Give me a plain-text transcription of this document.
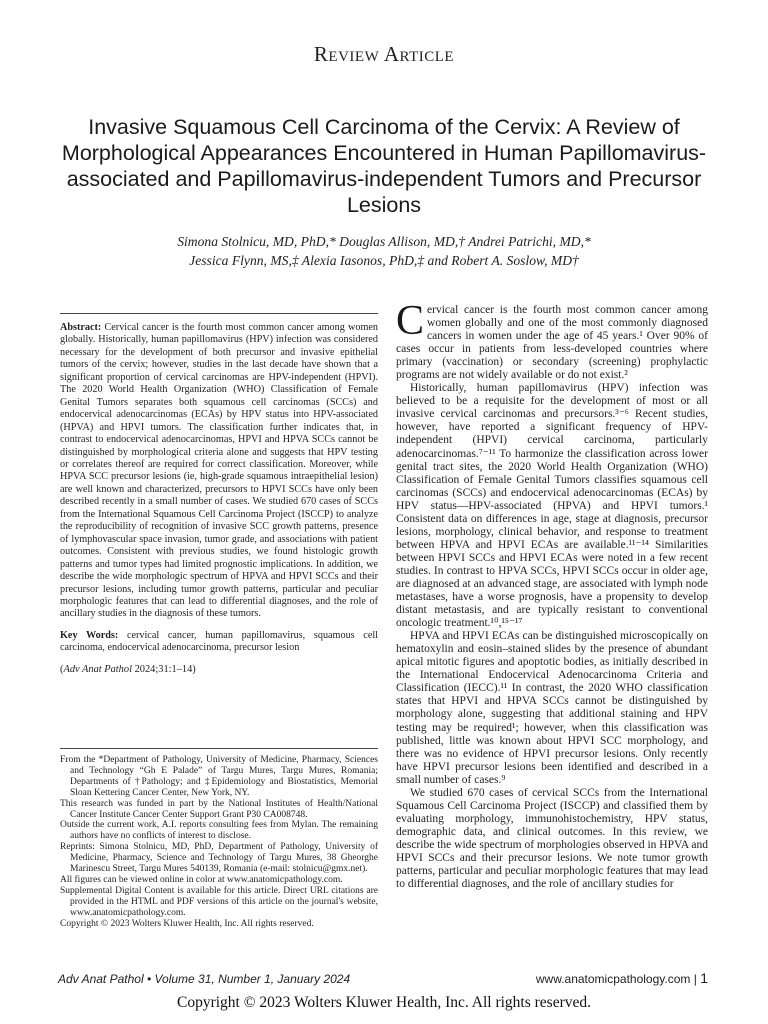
Review Article
Invasive Squamous Cell Carcinoma of the Cervix: A Review of Morphological Appearances Encountered in Human Papillomavirus-associated and Papillomavirus-independent Tumors and Precursor Lesions
Simona Stolnicu, MD, PhD,* Douglas Allison, MD,† Andrei Patrichi, MD,*
Jessica Flynn, MS,‡ Alexia Iasonos, PhD,‡ and Robert A. Soslow, MD†

Abstract: Cervical cancer is the fourth most common cancer among women globally. Historically, human papillomavirus (HPV) infection was considered necessary for the development of both precursor and invasive epithelial tumors of the cervix; however, studies in the last decade have shown that a significant proportion of cervical carcinomas are HPV-independent (HPVI). The 2020 World Health Organization (WHO) Classification of Female Genital Tumors separates both squamous cell carcinomas (SCCs) and endocervical adenocarcinomas (ECAs) by HPV status into HPV-associated (HPVA) and HPVI tumors. The classification further indicates that, in contrast to endocervical adenocarcinomas, HPVI and HPVA SCCs cannot be distinguished by morphological criteria alone and suggests that HPV testing or correlates thereof are required for correct classification. Moreover, while HPVA SCC precursor lesions (ie, high-grade squamous intraepithelial lesion) are well known and characterized, precursors to HPVI SCCs have only been described recently in a small number of cases. We studied 670 cases of SCCs from the International Squamous Cell Carcinoma Project (ISCCP) to analyze the reproducibility of recognition of invasive SCC growth patterns, presence of lymphovascular space invasion, tumor grade, and associations with patient outcomes. Consistent with previous studies, we found histologic growth patterns and tumor types had limited prognostic implications. In addition, we describe the wide morphologic spectrum of HPVA and HPVI SCCs and their precursor lesions, including tumor growth patterns, particular and peculiar morphologic features that can lead to differential diagnoses, and the role of ancillary studies in the diagnosis of these tumors.

Key Words: cervical cancer, human papillomavirus, squamous cell carcinoma, endocervical adenocarcinoma, precursor lesion

(Adv Anat Pathol 2024;31:1–14)

From the *Department of Pathology, University of Medicine, Pharmacy, Sciences and Technology “Gh E Palade” of Targu Mures, Targu Mures, Romania; Departments of †Pathology; and ‡Epidemiology and Biostatistics, Memorial Sloan Kettering Cancer Center, New York, NY.

This research was funded in part by the National Institutes of Health/National Cancer Institute Cancer Center Support Grant P30 CA008748.

Outside the current work, A.I. reports consulting fees from Mylan. The remaining authors have no conflicts of interest to disclose.

Reprints: Simona Stolnicu, MD, PhD, Department of Pathology, University of Medicine, Pharmacy, Science and Technology of Targu Mures, 38 Gheorghe Marinescu Street, Targu Mures 540139, Romania (e-mail: stolnicu@gmx.net).

All figures can be viewed online in color at www.anatomicpathology.com.

Supplemental Digital Content is available for this article. Direct URL citations are provided in the HTML and PDF versions of this article on the journal's website, www.anatomicpathology.com.

Copyright © 2023 Wolters Kluwer Health, Inc. All rights reserved.

Cervical cancer is the fourth most common cancer among women globally and one of the most commonly diagnosed cancers in women under the age of 45 years.¹ Over 90% of cases occur in patients from less-developed countries where primary (vaccination) or secondary (screening) prophylactic programs are not widely available or do not exist.²

Historically, human papillomavirus (HPV) infection was believed to be a requisite for the development of most or all invasive cervical carcinomas and precursors.³⁻⁶ Recent studies, however, have reported a significant frequency of HPV-independent (HPVI) cervical carcinoma, particularly adenocarcinomas.⁷⁻¹¹ To harmonize the classification across lower genital tract sites, the 2020 World Health Organization (WHO) Classification of Female Genital Tumors classifies squamous cell carcinomas (SCCs) and endocervical adenocarcinomas (ECAs) by HPV status—HPV-associated (HPVA) and HPVI tumors.¹ Consistent data on differences in age, stage at diagnosis, precursor lesions, morphology, clinical behavior, and response to treatment between HPVA and HPVI ECAs are available.¹¹⁻¹⁴ Similarities between HPVI SCCs and HPVI ECAs were noted in a few recent studies. In contrast to HPVA SCCs, HPVI SCCs occur in older age, are diagnosed at an advanced stage, are associated with lymph node metastases, have a worse prognosis, have a propensity to develop distant metastasis, and are typically resistant to conventional oncologic treatment.¹⁰,¹⁵⁻¹⁷

HPVA and HPVI ECAs can be distinguished microscopically on hematoxylin and eosin–stained slides by the presence of abundant apical mitotic figures and apoptotic bodies, as initially described in the International Endocervical Adenocarcinoma Criteria and Classification (IECC).¹¹ In contrast, the 2020 WHO classification states that HPVI and HPVA SCCs cannot be distinguished by morphology alone, suggesting that additional staining and HPV testing may be required¹; however, when this classification was published, little was known about HPVI SCC morphology, and there was no evidence of HPVI precursor lesions. Only recently have HPVI precursor lesions been identified and described in a small number of cases.⁹

We studied 670 cases of cervical SCCs from the International Squamous Cell Carcinoma Project (ISCCP) and classified them by evaluating morphology, immunohistochemistry, HPV status, demographic data, and clinical outcomes. In this review, we describe the wide spectrum of morphologies observed in HPVA and HPVI SCCs and their precursor lesions. We note tumor growth patterns, particular and peculiar morphologic features that may lead to differential diagnoses, and the role of ancillary studies for

Adv Anat Pathol • Volume 31, Number 1, January 2024	www.anatomicpathology.com | 1
Copyright © 2023 Wolters Kluwer Health, Inc. All rights reserved.
